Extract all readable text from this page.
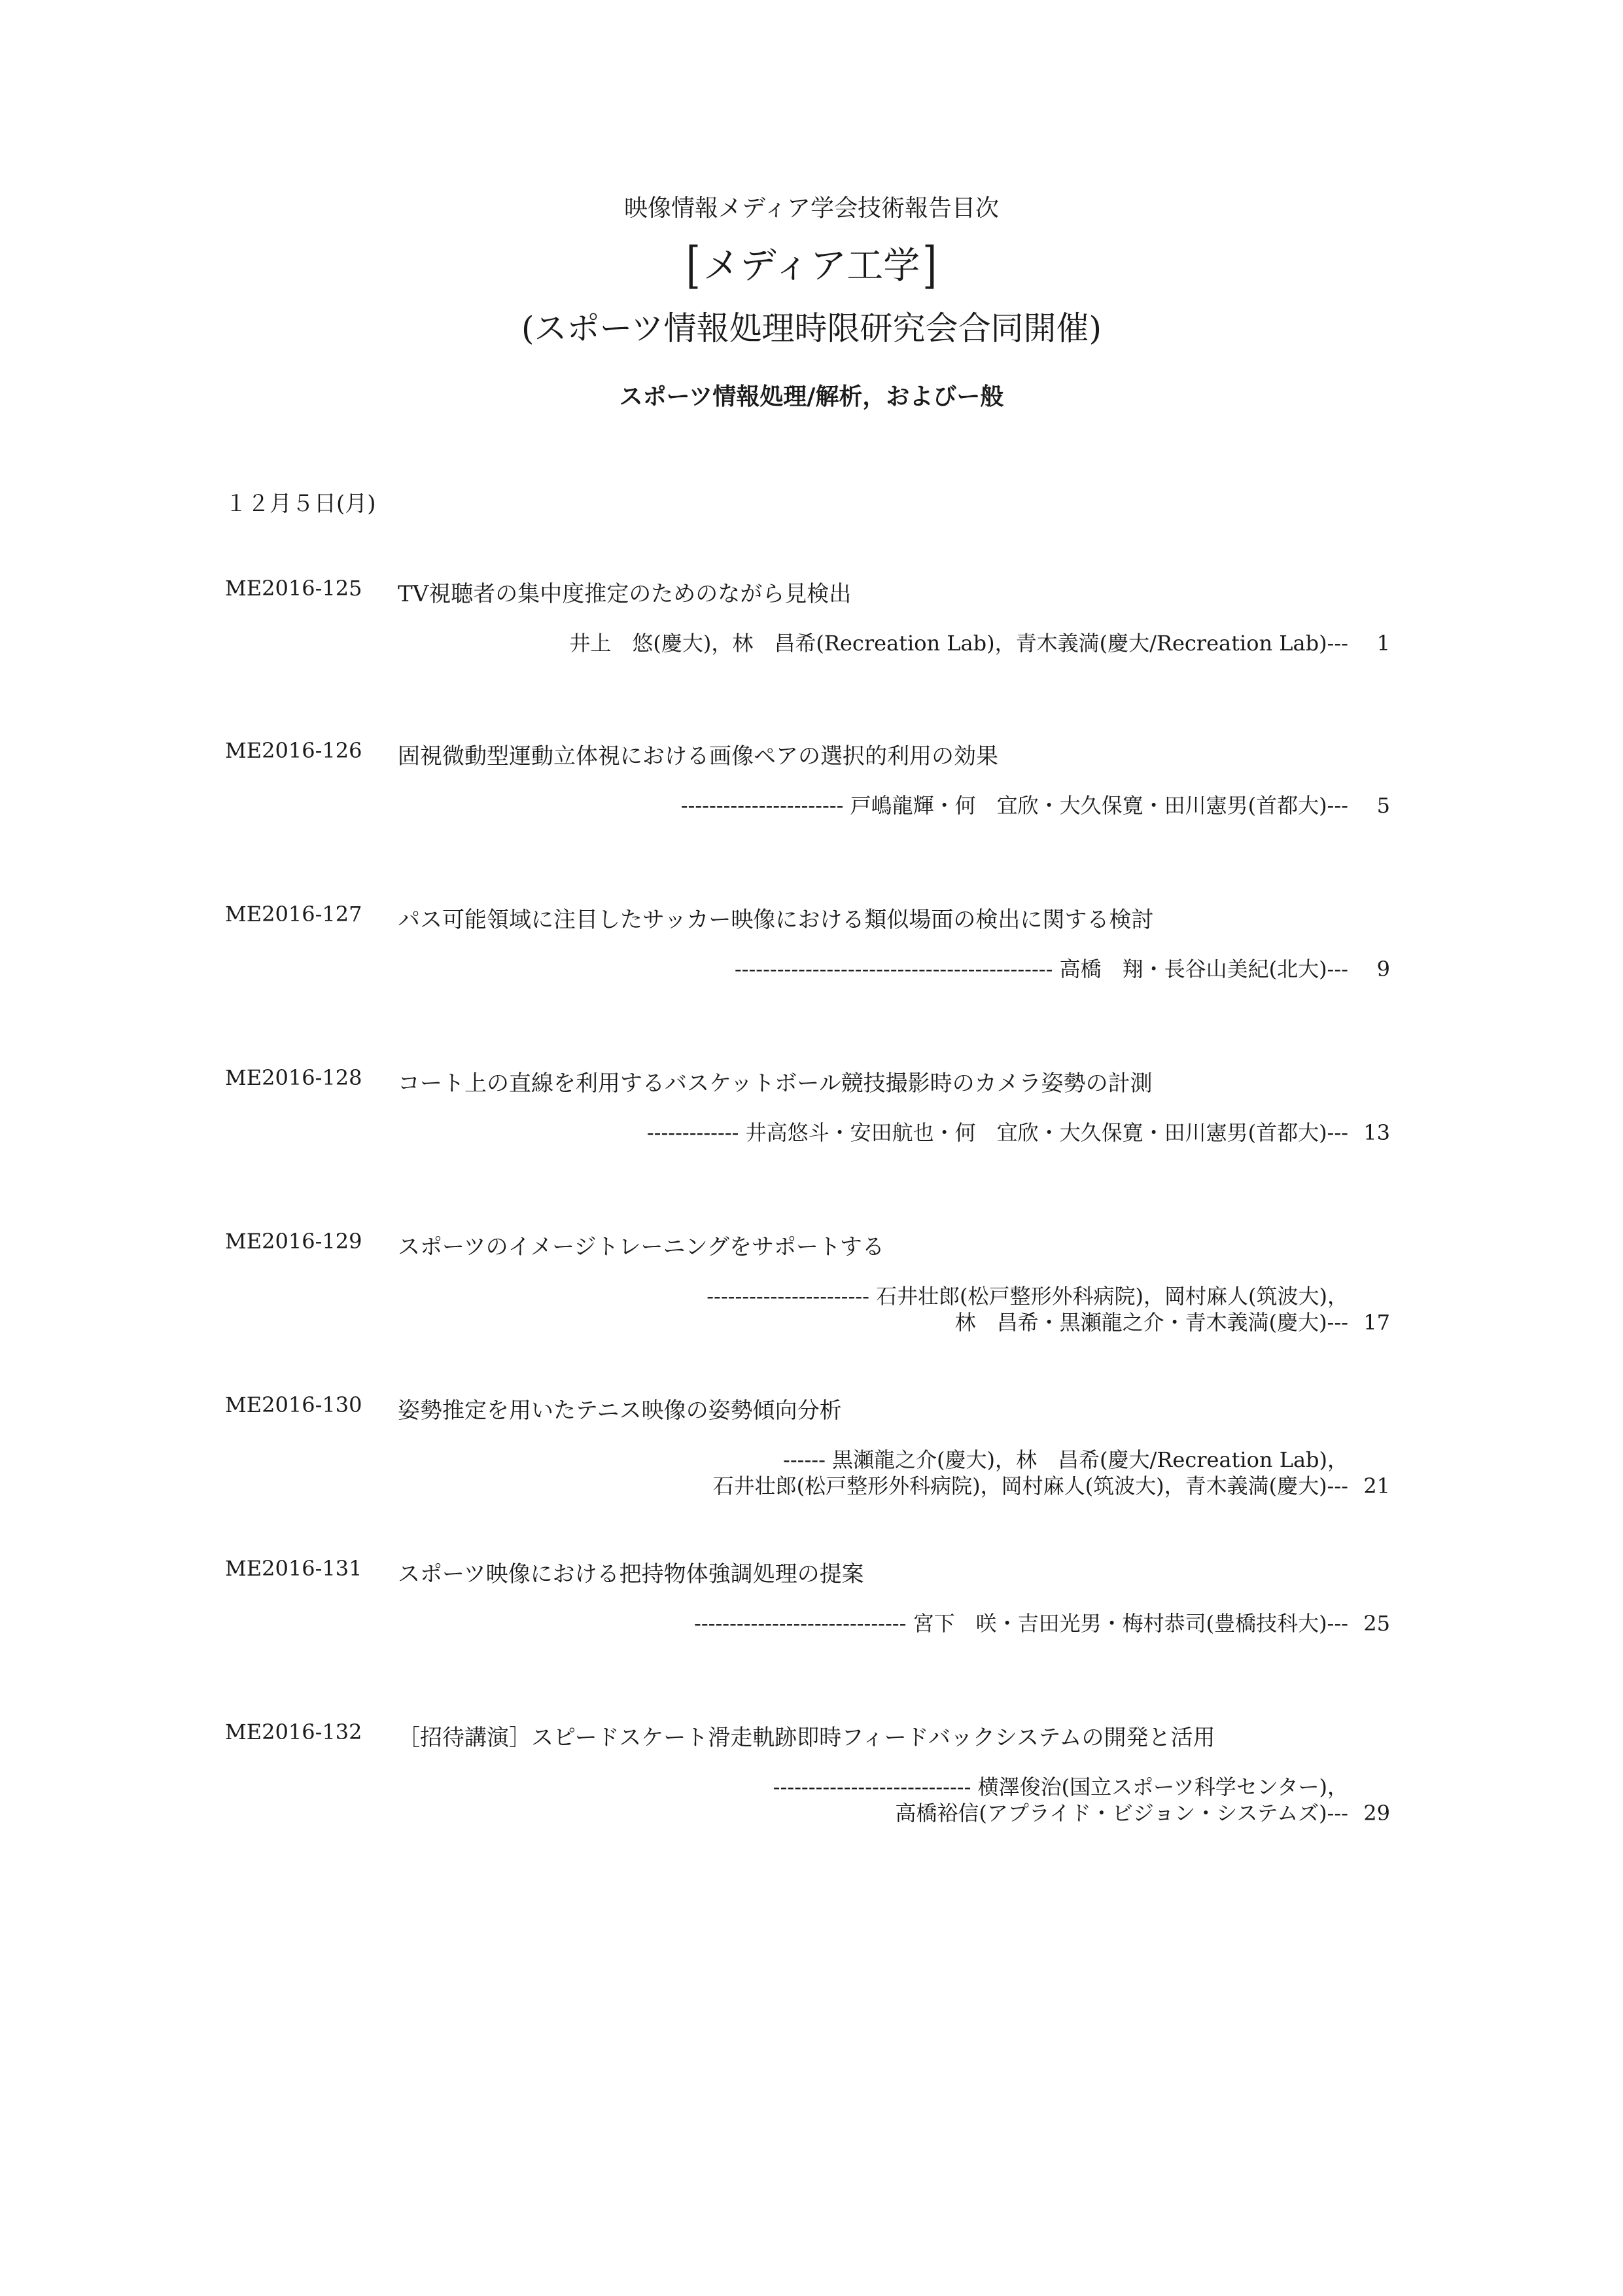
映像情報メディア学会技術報告目次
[メディア工学]
(スポーツ情報処理時限研究会合同開催)
スポーツ情報処理/解析，およびー般
１２月５日(月)
ME2016-125 TV視聴者の集中度推定のためのながら見検出
井上　悠(慶大)，林　昌希(Recreation Lab)，青木義満(慶大/Recreation Lab)--- 1
ME2016-126 固視微動型運動立体視における画像ペアの選択的利用の効果
----------------------- 戸嶋龍輝・何　宜欣・大久保寛・田川憲男(首都大)--- 5
ME2016-127 パス可能領域に注目したサッカー映像における類似場面の検出に関する検討
--------------------------------------------- 高橋　翔・長谷山美紀(北大)--- 9
ME2016-128 コート上の直線を利用するバスケットボール競技撮影時のカメラ姿勢の計測
------------- 井高悠斗・安田航也・何　宜欣・大久保寛・田川憲男(首都大)--- 13
ME2016-129 スポーツのイメージトレーニングをサポートする
----------------------- 石井壮郎(松戸整形外科病院)，岡村麻人(筑波大)，
林　昌希・黒瀬龍之介・青木義満(慶大)--- 17
ME2016-130 姿勢推定を用いたテニス映像の姿勢傾向分析
------ 黒瀬龍之介(慶大)，林　昌希(慶大/Recreation Lab)，
石井壮郎(松戸整形外科病院)，岡村麻人(筑波大)，青木義満(慶大)--- 21
ME2016-131 スポーツ映像における把持物体強調処理の提案
------------------------------ 宮下　咲・吉田光男・梅村恭司(豊橋技科大)--- 25
ME2016-132 ［招待講演］スピードスケート滑走軌跡即時フィードバックシステムの開発と活用
---------------------------- 横澤俊治(国立スポーツ科学センター)，
高橋裕信(アプライド・ビジョン・システムズ)--- 29
